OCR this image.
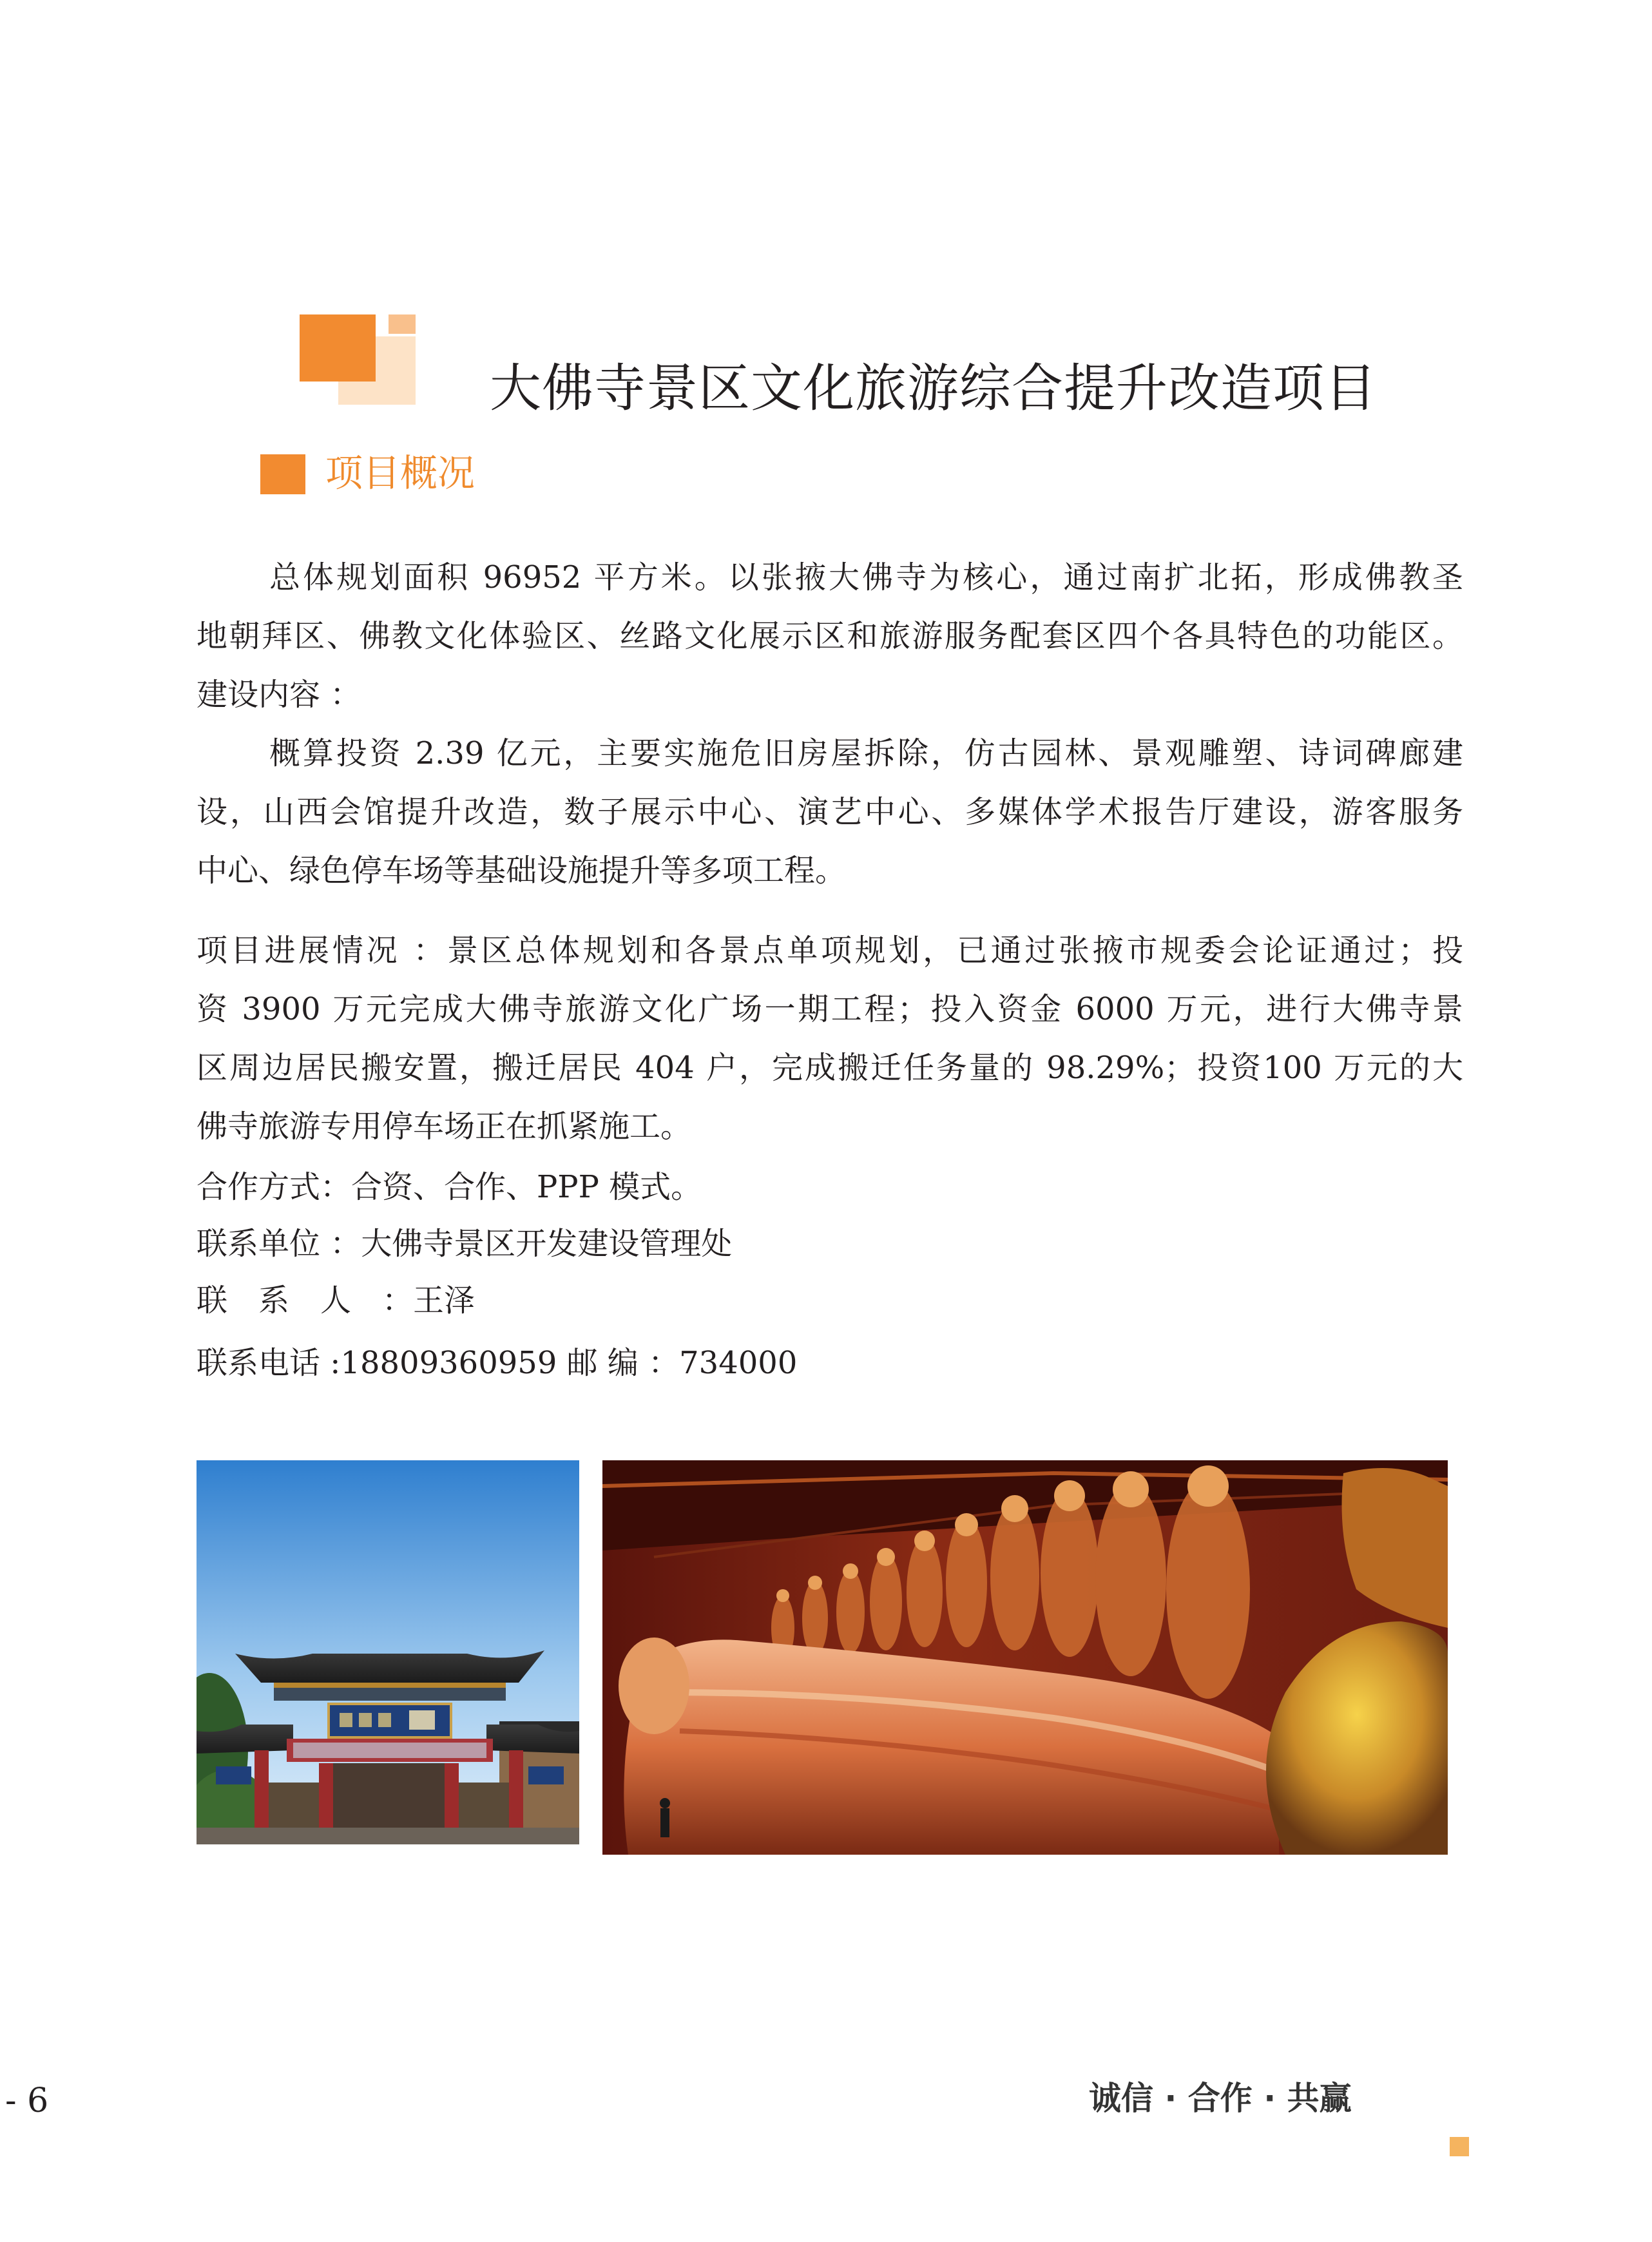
大佛寺景区文化旅游综合提升改造项目
项目概况
总体规划面积 96952 平方米。以张掖大佛寺为核心，通过南扩北拓，形成佛教圣
地朝拜区、佛教文化体验区、丝路文化展示区和旅游服务配套区四个各具特色的功能区。
建设内容 ：
概算投资 2.39 亿元，主要实施危旧房屋拆除，仿古园林、景观雕塑、诗词碑廊建
设，山西会馆提升改造，数子展示中心、演艺中心、多媒体学术报告厅建设，游客服务
中心、绿色停车场等基础设施提升等多项工程。
项目进展情况 ：景区总体规划和各景点单项规划，已通过张掖市规委会论证通过；投
资 3900 万元完成大佛寺旅游文化广场一期工程；投入资金 6000 万元，进行大佛寺景
区周边居民搬安置，搬迁居民 404 户，完成搬迁任务量的 98.29%；投资100 万元的大
佛寺旅游专用停车场正在抓紧施工。
合作方式：合资、合作、PPP 模式。
联系单位 ：大佛寺景区开发建设管理处
联　系　人　：王泽
联系电话 :18809360959 邮 编 ：734000
- 6	诚信 · 合作 · 共赢
